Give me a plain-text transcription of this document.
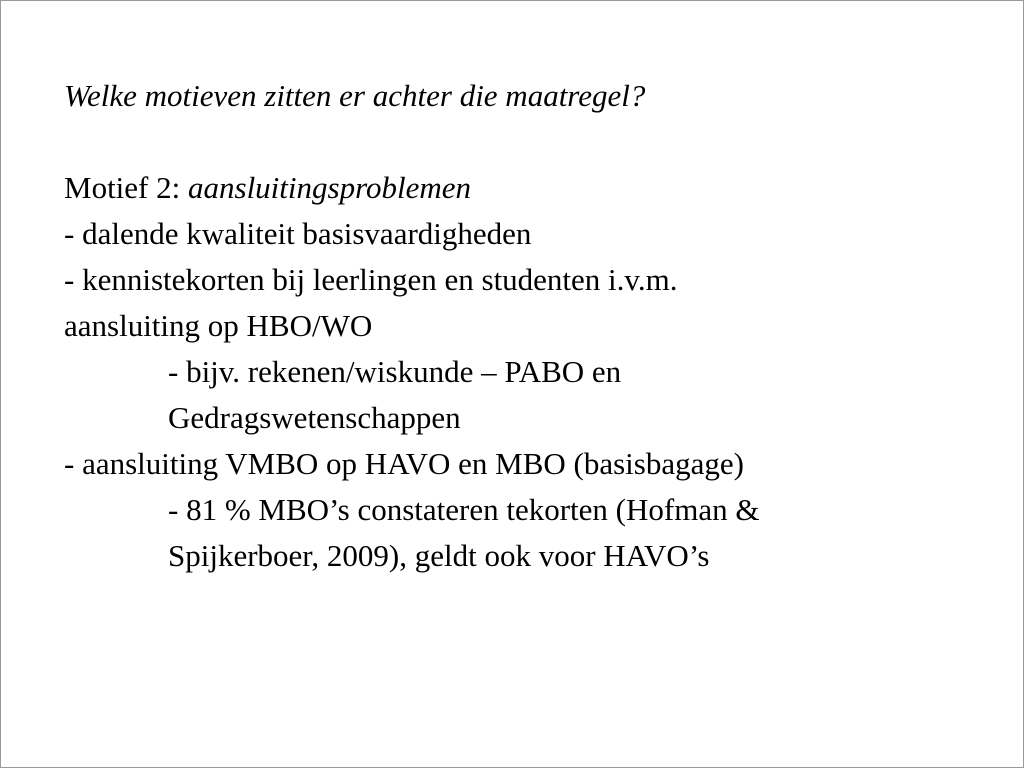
Welke motieven zitten er achter die maatregel?

Motief 2: aansluitingsproblemen

- dalende kwaliteit basisvaardigheden

- kennistekorten bij leerlingen en studenten i.v.m.

aansluiting op HBO/WO

- bijv. rekenen/wiskunde – PABO en

Gedragswetenschappen

- aansluiting VMBO op HAVO en MBO (basisbagage)

- 81 % MBO’s constateren tekorten (Hofman &

Spijkerboer, 2009), geldt ook voor HAVO’s
